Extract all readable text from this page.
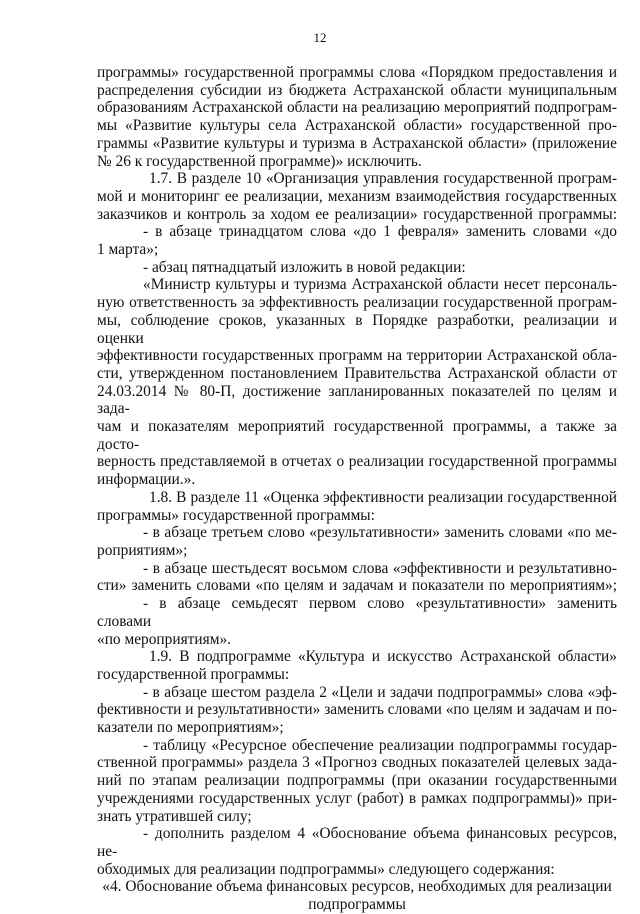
12

программы» государственной программы слова «Порядком предоставления и

распределения субсидии из бюджета Астраханской области муниципальным

образованиям Астраханской области на реализацию мероприятий подпрограм-

мы «Развитие культуры села Астраханской области» государственной про-

граммы «Развитие культуры и туризма в Астраханской области» (приложение

№ 26 к государственной программе)» исключить.

1.7. В разделе 10 «Организация управления государственной програм-

мой и мониторинг ее реализации, механизм взаимодействия государственных

заказчиков и контроль за ходом ее реализации» государственной программы:

- в абзаце тринадцатом слова «до 1 февраля» заменить словами «до

1 марта»;

- абзац пятнадцатый изложить в новой редакции:

«Министр культуры и туризма Астраханской области несет персональ-

ную ответственность за эффективность реализации государственной програм-

мы, соблюдение сроков, указанных в Порядке разработки, реализации и оценки

эффективности государственных программ на территории Астраханской обла-

сти, утвержденном постановлением Правительства Астраханской области от

24.03.2014 № 80-П, достижение запланированных показателей по целям и зада-

чам и показателям мероприятий государственной программы, а также за досто-

верность представляемой в отчетах о реализации государственной программы

информации.».

1.8. В разделе 11 «Оценка эффективности реализации государственной

программы» государственной программы:

- в абзаце третьем слово «результативности» заменить словами «по ме-

роприятиям»;

- в абзаце шестьдесят восьмом слова «эффективности и результативно-

сти» заменить словами «по целям и задачам и показатели по мероприятиям»;

- в абзаце семьдесят первом слово «результативности» заменить словами

«по мероприятиям».

1.9. В подпрограмме «Культура и искусство Астраханской области»

государственной программы:

- в абзаце шестом раздела 2 «Цели и задачи подпрограммы» слова «эф-

фективности и результативности» заменить словами «по целям и задачам и по-

казатели по мероприятиям»;

- таблицу «Ресурсное обеспечение реализации подпрограммы государ-

ственной программы» раздела 3 «Прогноз сводных показателей целевых зада-

ний по этапам реализации подпрограммы (при оказании государственными

учреждениями государственных услуг (работ) в рамках подпрограммы)» при-

знать утратившей силу;

- дополнить разделом 4 «Обоснование объема финансовых ресурсов, не-

обходимых для реализации подпрограммы» следующего содержания:

«4. Обоснование объема финансовых ресурсов, необходимых для реализации

подпрограммы
